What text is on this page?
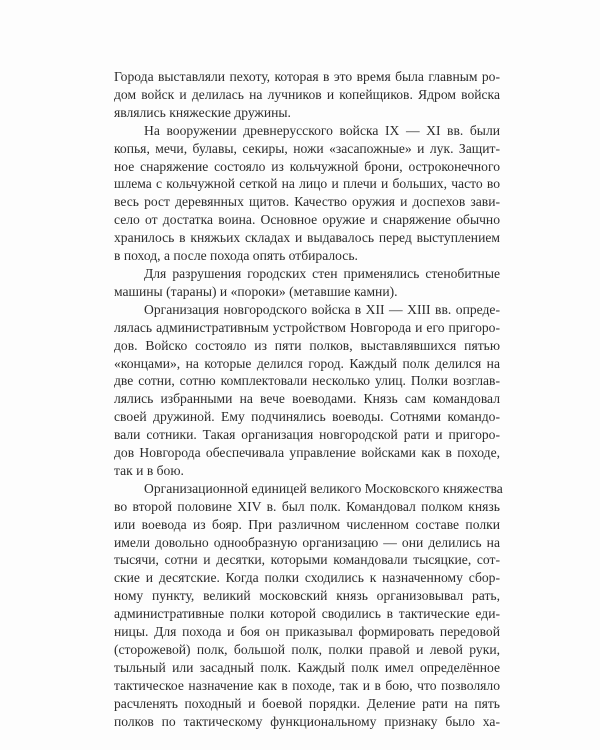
Города выставляли пехоту, которая в это время была главным ро-
дом войск и делилась на лучников и копейщиков. Ядром войска
являлись княжеские дружины.
На вооружении древнерусского войска IX — XI вв. были
копья, мечи, булавы, секиры, ножи «засапожные» и лук. Защит-
ное снаряжение состояло из кольчужной брони, остроконечного
шлема с кольчужной сеткой на лицо и плечи и больших, часто во
весь рост деревянных щитов. Качество оружия и доспехов зави-
село от достатка воина. Основное оружие и снаряжение обычно
хранилось в княжьих складах и выдавалось перед выступлением
в поход, а после похода опять отбиралось.
Для разрушения городских стен применялись стенобитные
машины (тараны) и «пороки» (метавшие камни).
Организация новгородского войска в XII — XIII вв. опреде-
лялась административным устройством Новгорода и его пригоро-
дов. Войско состояло из пяти полков, выставлявшихся пятью
«концами», на которые делился город. Каждый полк делился на
две сотни, сотню комплектовали несколько улиц. Полки возглав-
лялись избранными на вече воеводами. Князь сам командовал
своей дружиной. Ему подчинялись воеводы. Сотнями командо-
вали сотники. Такая организация новгородской рати и пригоро-
дов Новгорода обеспечивала управление войсками как в походе,
так и в бою.
Организационной единицей великого Московского княжества
во второй половине XIV в. был полк. Командовал полком князь
или воевода из бояр. При различном численном составе полки
имели довольно однообразную организацию — они делились на
тысячи, сотни и десятки, которыми командовали тысяцкие, сот-
ские и десятские. Когда полки сходились к назначенному сбор-
ному пункту, великий московский князь организовывал рать,
административные полки которой сводились в тактические еди-
ницы. Для похода и боя он приказывал формировать передовой
(сторожевой) полк, большой полк, полки правой и левой руки,
тыльный или засадный полк. Каждый полк имел определённое
тактическое назначение как в походе, так и в бою, что позволяло
расчленять походный и боевой порядки. Деление рати на пять
полков по тактическому функциональному признаку было ха-
